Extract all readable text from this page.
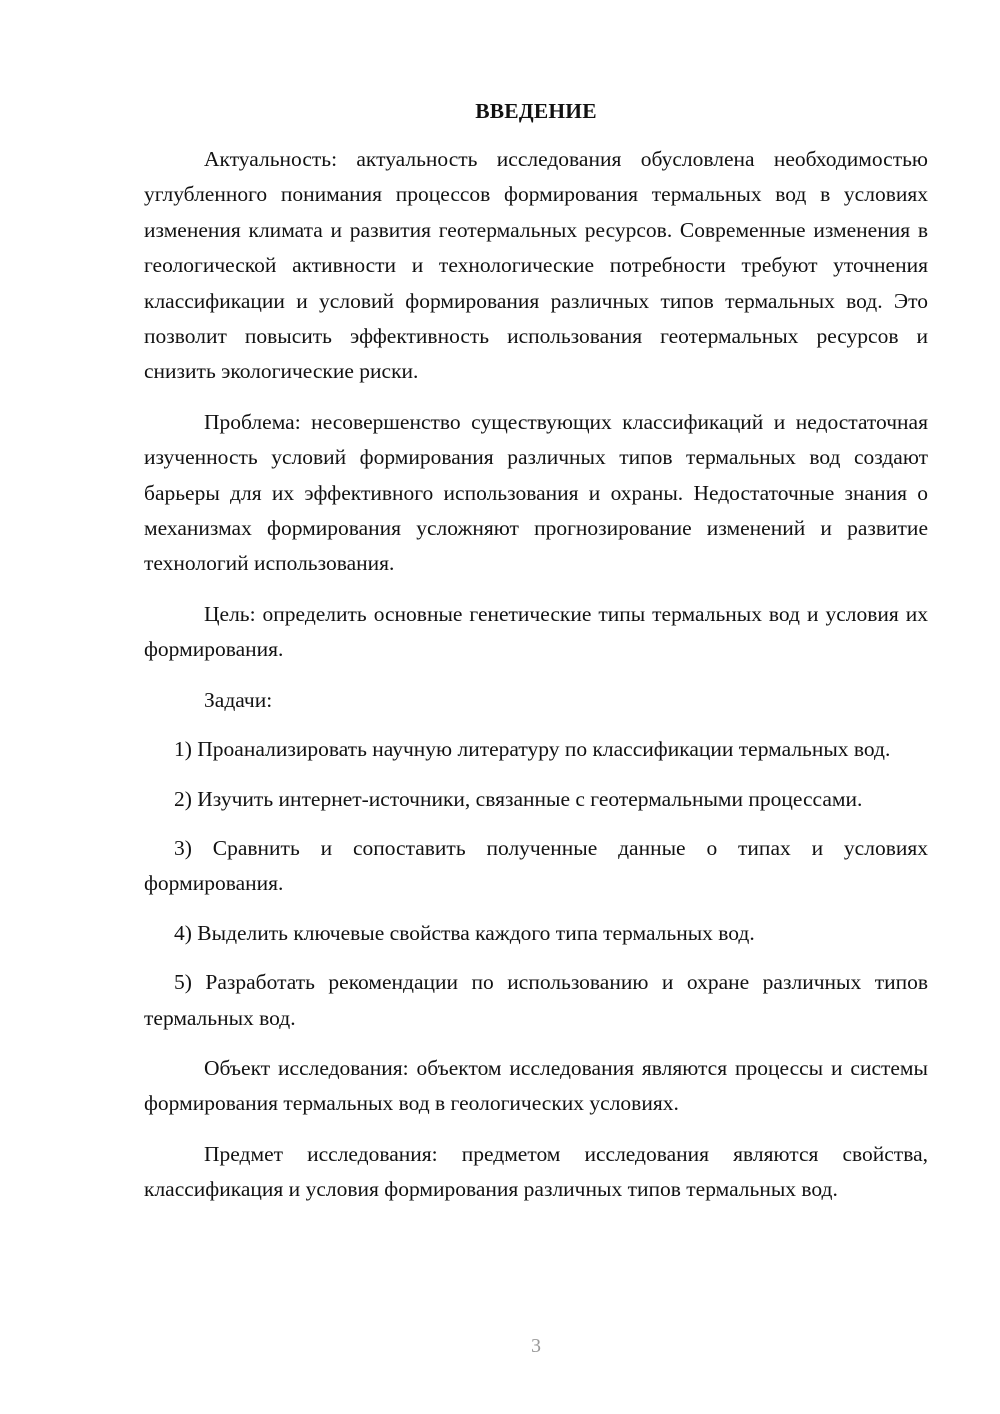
ВВЕДЕНИЕ

Актуальность: актуальность исследования обусловлена необходимостью углубленного понимания процессов формирования термальных вод в условиях изменения климата и развития геотермальных ресурсов. Современные изменения в геологической активности и технологические потребности требуют уточнения классификации и условий формирования различных типов термальных вод. Это позволит повысить эффективность использования геотермальных ресурсов и снизить экологические риски.

Проблема: несовершенство существующих классификаций и недостаточная изученность условий формирования различных типов термальных вод создают барьеры для их эффективного использования и охраны. Недостаточные знания о механизмах формирования усложняют прогнозирование изменений и развитие технологий использования.

Цель: определить основные генетические типы термальных вод и условия их формирования.

Задачи:

1) Проанализировать научную литературу по классификации термальных вод.

2) Изучить интернет-источники, связанные с геотермальными процессами.

3) Сравнить и сопоставить полученные данные о типах и условиях формирования.

4) Выделить ключевые свойства каждого типа термальных вод.

5) Разработать рекомендации по использованию и охране различных типов термальных вод.

Объект исследования: объектом исследования являются процессы и системы формирования термальных вод в геологических условиях.

Предмет исследования: предметом исследования являются свойства, классификация и условия формирования различных типов термальных вод.

3
